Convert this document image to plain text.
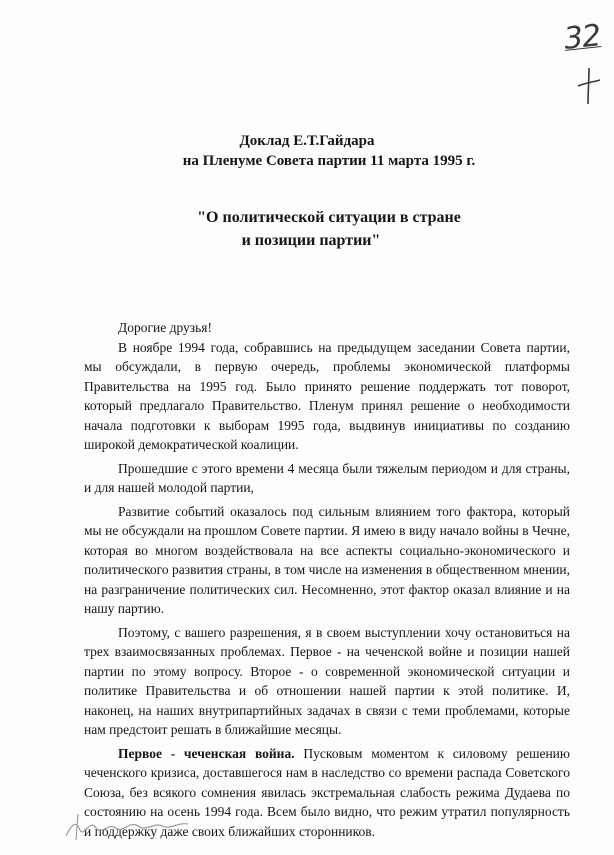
32
Доклад Е.Т.Гайдара
на Пленуме Совета партии 11 марта 1995 г.
"О политической ситуации в стране
и позиции партии"

Дорогие друзья!

В ноябре 1994 года, собравшись на предыдущем заседании Совета партии, мы обсуждали, в первую очередь, проблемы экономической платформы Правительства на 1995 год. Было принято решение поддержать тот поворот, который предлагало Правительство. Пленум принял решение о необходимости начала подготовки к выборам 1995 года, выдвинув инициативы по созданию широкой демократической коалиции.

Прошедшие с этого времени 4 месяца были тяжелым периодом и для страны, и для нашей молодой партии,

Развитие событий оказалось под сильным влиянием того фактора, который мы не обсуждали на прошлом Совете партии. Я имею в виду начало войны в Чечне, которая во многом воздействовала на все аспекты социально-экономического и политического развития страны, в том числе на изменения в общественном мнении, на разграничение политических сил. Несомненно, этот фактор оказал влияние и на нашу партию.

Поэтому, с вашего разрешения, я в своем выступлении хочу остановиться на трех взаимосвязанных проблемах. Первое - на чеченской войне и позиции нашей партии по этому вопросу. Второе - о современной экономической ситуации и политике Правительства и об отношении нашей партии к этой политике. И, наконец, на наших внутрипартийных задачах в связи с теми проблемами, которые нам предстоит решать в ближайшие месяцы.

Первое - чеченская война. Пусковым моментом к силовому решению чеченского кризиса, доставшегося нам в наследство со времени распада Советского Союза, без всякого сомнения явилась экстремальная слабость режима Дудаева по состоянию на осень 1994 года. Всем было видно, что режим утратил популярность и поддержку даже своих ближайших сторонников.
